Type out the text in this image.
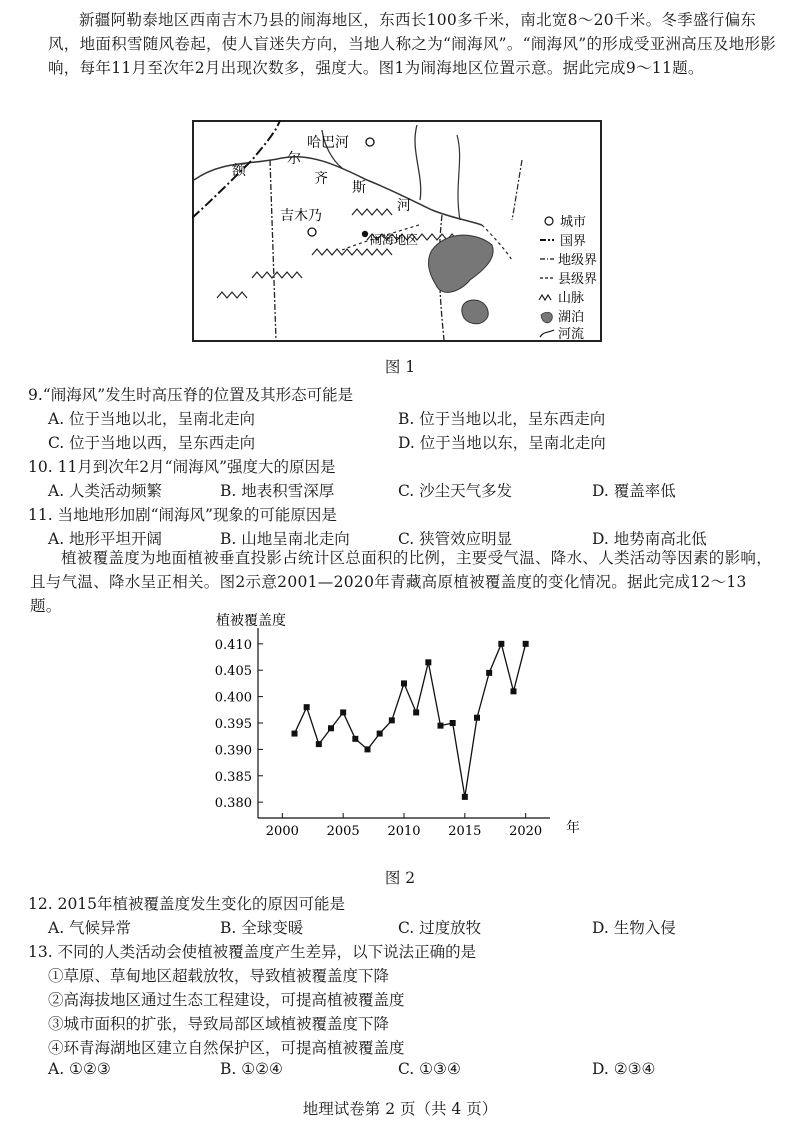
新疆阿勒泰地区西南吉木乃县的闹海地区，东西长100多千米，南北宽8～20千米。冬季盛行偏东风，地面积雪随风卷起，使人盲迷失方向，当地人称之为“闹海风”。“闹海风”的形成受亚洲高压及地形影响，每年11月至次年2月出现次数多，强度大。图1为闹海地区位置示意。据此完成9～11题。
哈巴河
额
尔
齐
斯
河
吉木乃
闹海地区
城市
国界
地级界
县级界
山脉
湖泊
河流
图 1
9.“闹海风”发生时高压脊的位置及其形态可能是
A. 位于当地以北，呈南北走向	B. 位于当地以北，呈东西走向
C. 位于当地以西，呈东西走向	D. 位于当地以东，呈南北走向
10. 11月到次年2月“闹海风”强度大的原因是
A. 人类活动频繁	B. 地表积雪深厚	C. 沙尘天气多发	D. 覆盖率低
11. 当地地形加剧“闹海风”现象的可能原因是
A. 地形平坦开阔	B. 山地呈南北走向	C. 狭管效应明显	D. 地势南高北低
植被覆盖度为地面植被垂直投影占统计区总面积的比例，主要受气温、降水、人类活动等因素的影响，且与气温、降水呈正相关。图2示意2001—2020年青藏高原植被覆盖度的变化情况。据此完成12～13题。
植被覆盖度
年
0.380
0.385
0.390
0.395
0.400
0.405
0.410
2000 2005 2010 2015 2020
图 2
12. 2015年植被覆盖度发生变化的原因可能是
A. 气候异常	B. 全球变暖	C. 过度放牧	D. 生物入侵
13. 不同的人类活动会使植被覆盖度产生差异，以下说法正确的是
①草原、草甸地区超载放牧，导致植被覆盖度下降
②高海拔地区通过生态工程建设，可提高植被覆盖度
③城市面积的扩张，导致局部区域植被覆盖度下降
④环青海湖地区建立自然保护区，可提高植被覆盖度
A. ①②③	B. ①②④	C. ①③④	D. ②③④
地理试卷第 2 页（共 4 页）
